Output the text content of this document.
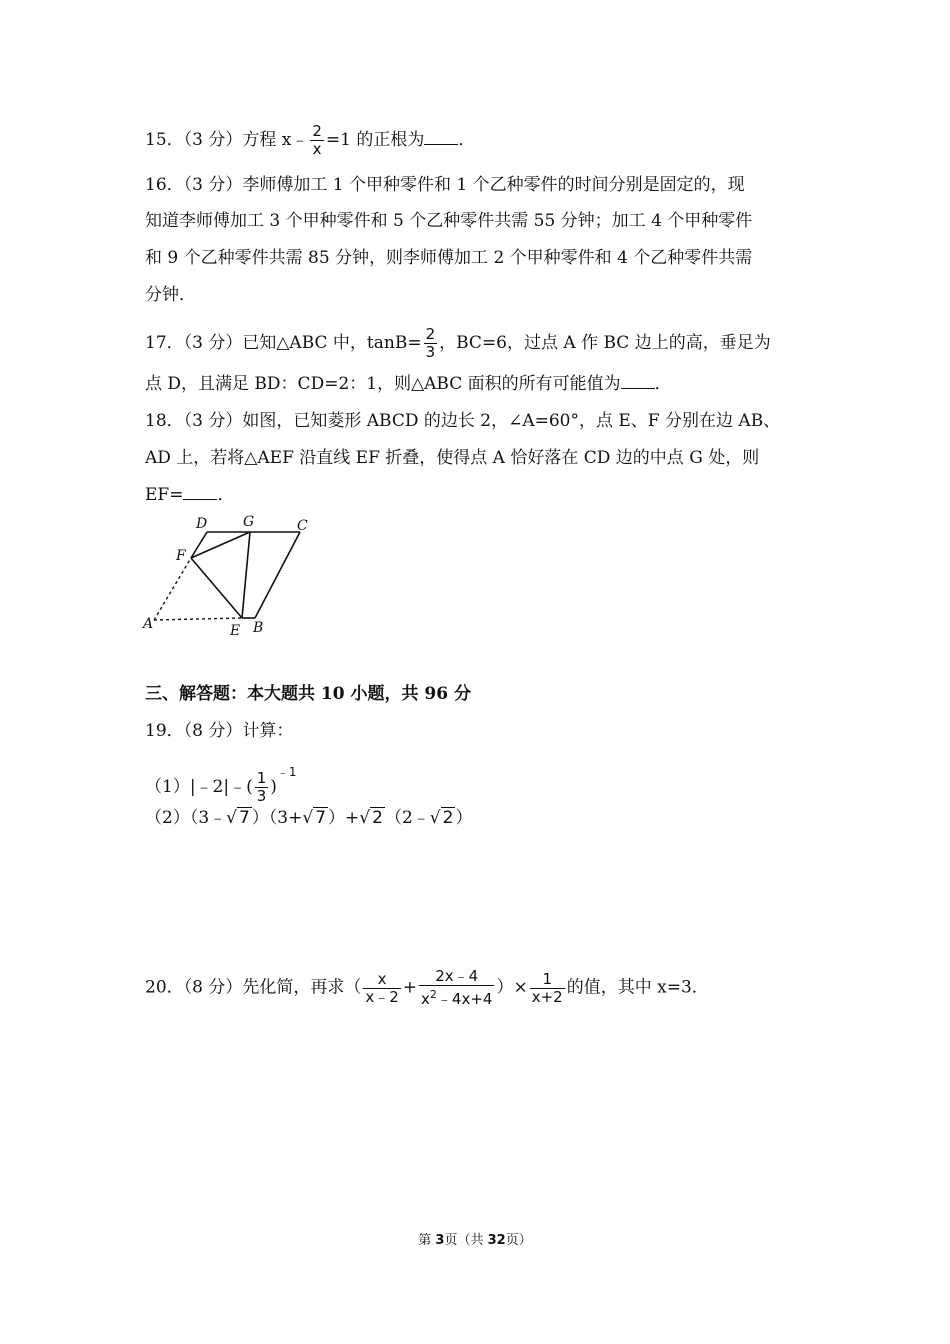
15．（3 分）方程 x﹣ $\frac{2}{x} =1$ 的正根为 ．
16．（3 分）李师傅加工 1 个甲种零件和 1 个乙种零件的时间分别是固定的，现
知道李师傅加工 3 个甲种零件和 5 个乙种零件共需 55 分钟；加工 4 个甲种零件
和 9 个乙种零件共需 85 分钟，则李师傅加工 2 个甲种零件和 4 个乙种零件共需
分钟．
17．（3 分）已知△ABC 中，$\tan B= \frac{2}{3}$ ，BC=6，过点 A 作 BC 边上的高，垂足为
点 D，且满足 BD：CD=2：1，则△ABC 面积的所有可能值为 ．
18．（3 分）如图，已知菱形 ABCD 的边长 2，∠A=60°，点 E、F 分别在边 AB、
AD 上，若将△AEF 沿直线 EF 折叠，使得点 A 恰好落在 CD 边的中点 G 处，则
EF= ．
D	G	C
F
A	E B
三、解答题：本大题共 10 小题，共 96 分
19．（8 分）计算：
（1）|﹣2|﹣( $\frac{1}{3} )^{﹣1}$
（2）（3﹣√ 7 ）（3+√ 7 ）+√ 2 （2﹣√ 2 ）
20．（8 分）先化简，再求（ $\frac{x}{x﹣2} + \frac{2x﹣4}{x^2﹣4x+4}$ ）× $\frac{1}{x+2}$ 的值，其中 x=3．
第 3页（共 32页）
